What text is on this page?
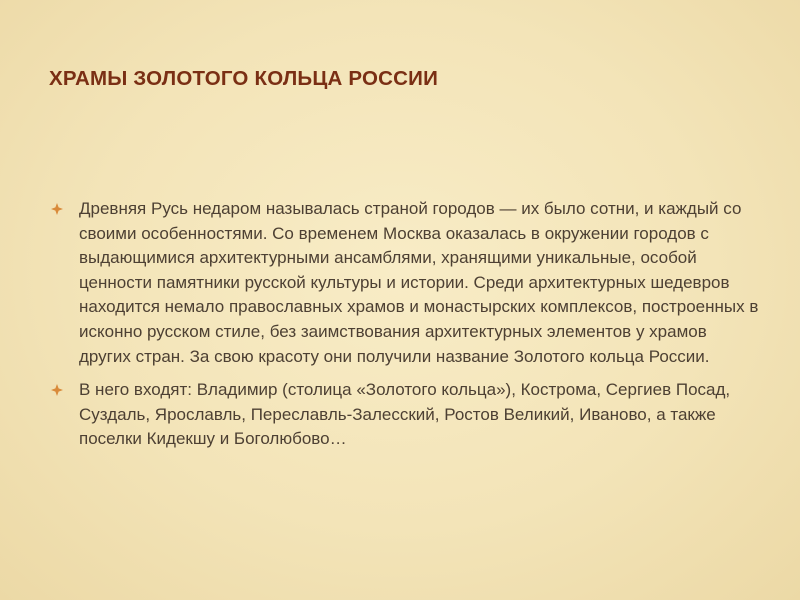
ХРАМЫ ЗОЛОТОГО КОЛЬЦА РОССИИ
Древняя Русь недаром называлась страной городов — их было сотни, и каждый со своими особенностями. Со временем Москва оказалась в окружении городов с выдающимися архитектурными ансамблями, хранящими уникальные, особой ценности памятники русской культуры и истории. Среди архитектурных шедевров находится немало православных храмов и монастырских комплексов, построенных в исконно русском стиле, без заимствования архитектурных элементов у храмов других стран. За свою красоту они получили название Золотого кольца России.
В него входят: Владимир (столица «Золотого кольца»), Кострома, Сергиев Посад, Суздаль, Ярославль, Переславль-Залесский, Ростов Великий, Иваново, а также поселки Кидекшу и Боголюбово…
